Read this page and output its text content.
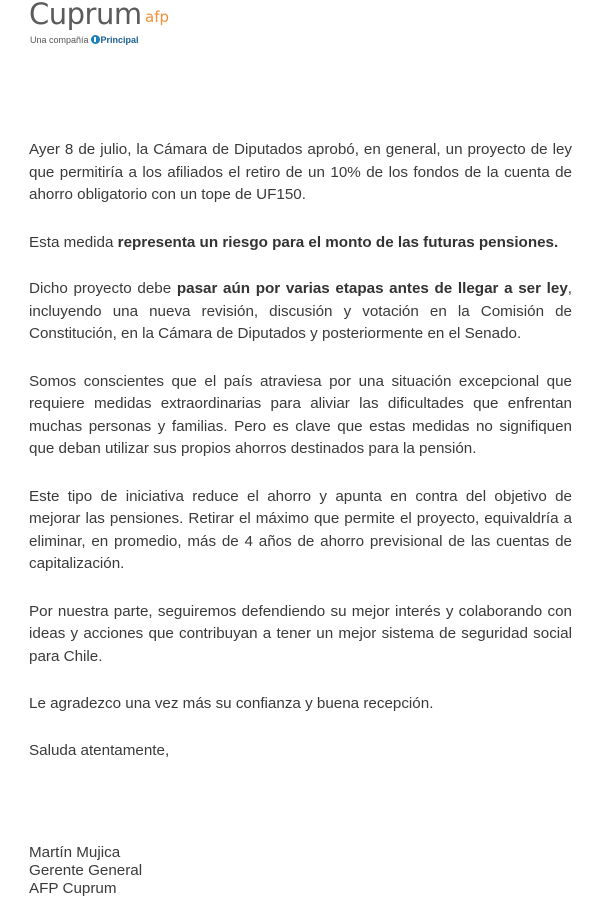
Cuprum afp
Una compañía Principal

Ayer 8 de julio, la Cámara de Diputados aprobó, en general, un proyecto de ley que permitiría a los afiliados el retiro de un 10% de los fondos de la cuenta de ahorro obligatorio con un tope de UF150.

Esta medida representa un riesgo para el monto de las futuras pensiones.

Dicho proyecto debe pasar aún por varias etapas antes de llegar a ser ley, incluyendo una nueva revisión, discusión y votación en la Comisión de Constitución, en la Cámara de Diputados y posteriormente en el Senado.

Somos conscientes que el país atraviesa por una situación excepcional que requiere medidas extraordinarias para aliviar las dificultades que enfrentan muchas personas y familias. Pero es clave que estas medidas no signifiquen que deban utilizar sus propios ahorros destinados para la pensión.

Este tipo de iniciativa reduce el ahorro y apunta en contra del objetivo de mejorar las pensiones. Retirar el máximo que permite el proyecto, equivaldría a eliminar, en promedio, más de 4 años de ahorro previsional de las cuentas de capitalización.

Por nuestra parte, seguiremos defendiendo su mejor interés y colaborando con ideas y acciones que contribuyan a tener un mejor sistema de seguridad social para Chile.

Le agradezco una vez más su confianza y buena recepción.

Saluda atentamente,

Martín Mujica
Gerente General
AFP Cuprum
